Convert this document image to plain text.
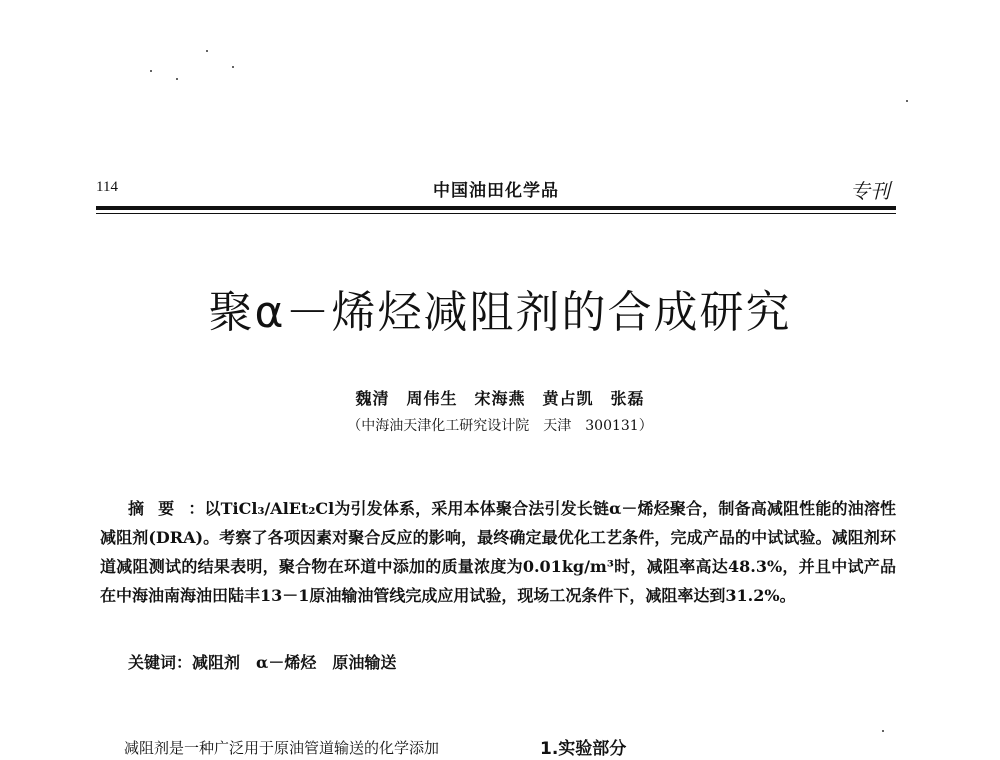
114	中国油田化学品	专刊
聚α－烯烃减阻剂的合成研究
魏清　周伟生　宋海燕　黄占凯　张磊
（中海油天津化工研究设计院　天津　300131）
摘要：以TiCl₃/AlEt₂Cl为引发体系，采用本体聚合法引发长链α－烯烃聚合，制备高减阻性能的油溶性减阻剂(DRA)。考察了各项因素对聚合反应的影响，最终确定最优化工艺条件，完成产品的中试试验。减阻剂环道减阻测试的结果表明，聚合物在环道中添加的质量浓度为0.01kg/m³时，减阻率高达48.3%，并且中试产品在中海油南海油田陆丰13－1原油输油管线完成应用试验，现场工况条件下，减阻率达到31.2%。
关键词：减阻剂　α－烯烃　原油输送
减阻剂是一种广泛用于原油管道输送的化学添加	1.实验部分
